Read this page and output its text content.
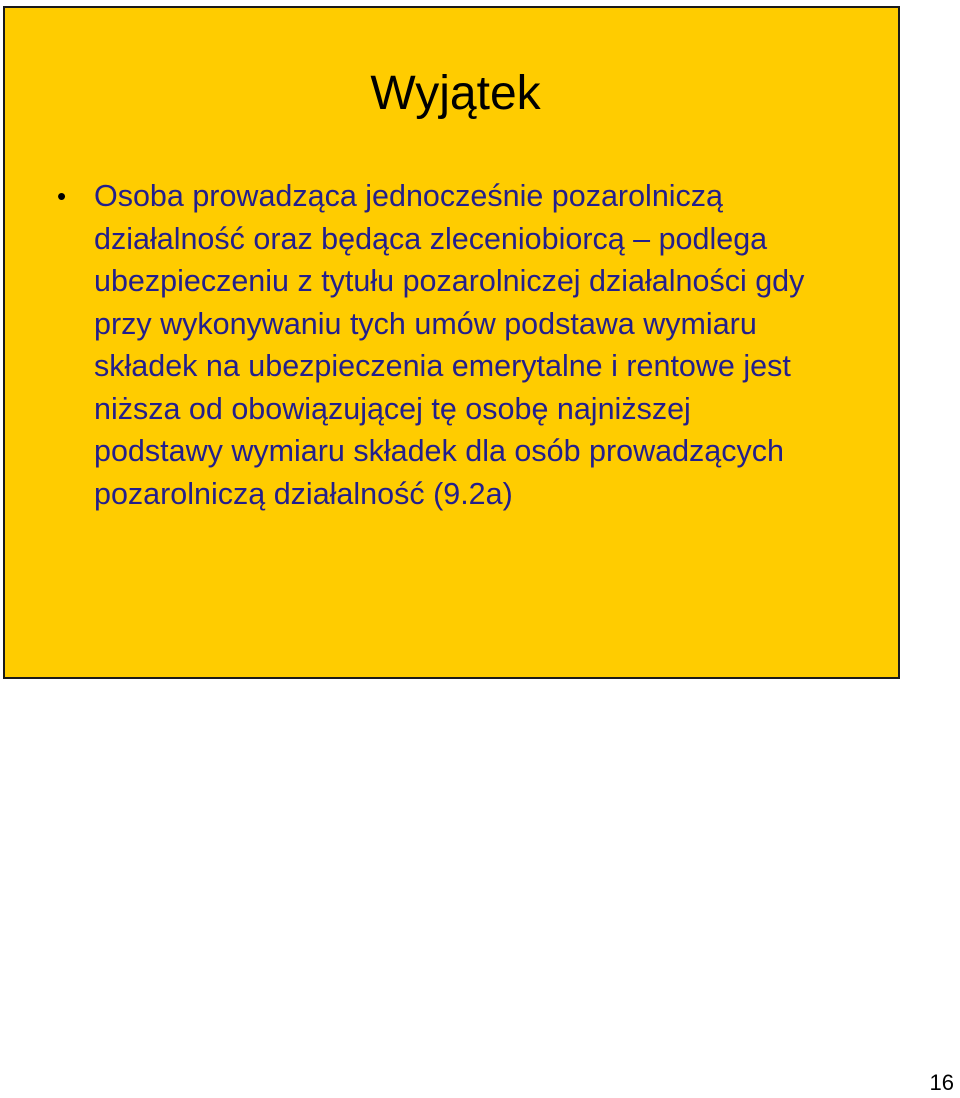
Wyjątek
• Osoba prowadząca jednocześnie pozarolniczą działalność oraz będąca zleceniobiorcą – podlega ubezpieczeniu z tytułu pozarolniczej działalności gdy przy wykonywaniu tych umów podstawa wymiaru składek na ubezpieczenia emerytalne i rentowe jest niższa od obowiązującej tę osobę najniższej podstawy wymiaru składek dla osób prowadzących pozarolniczą działalność (9.2a)
16
